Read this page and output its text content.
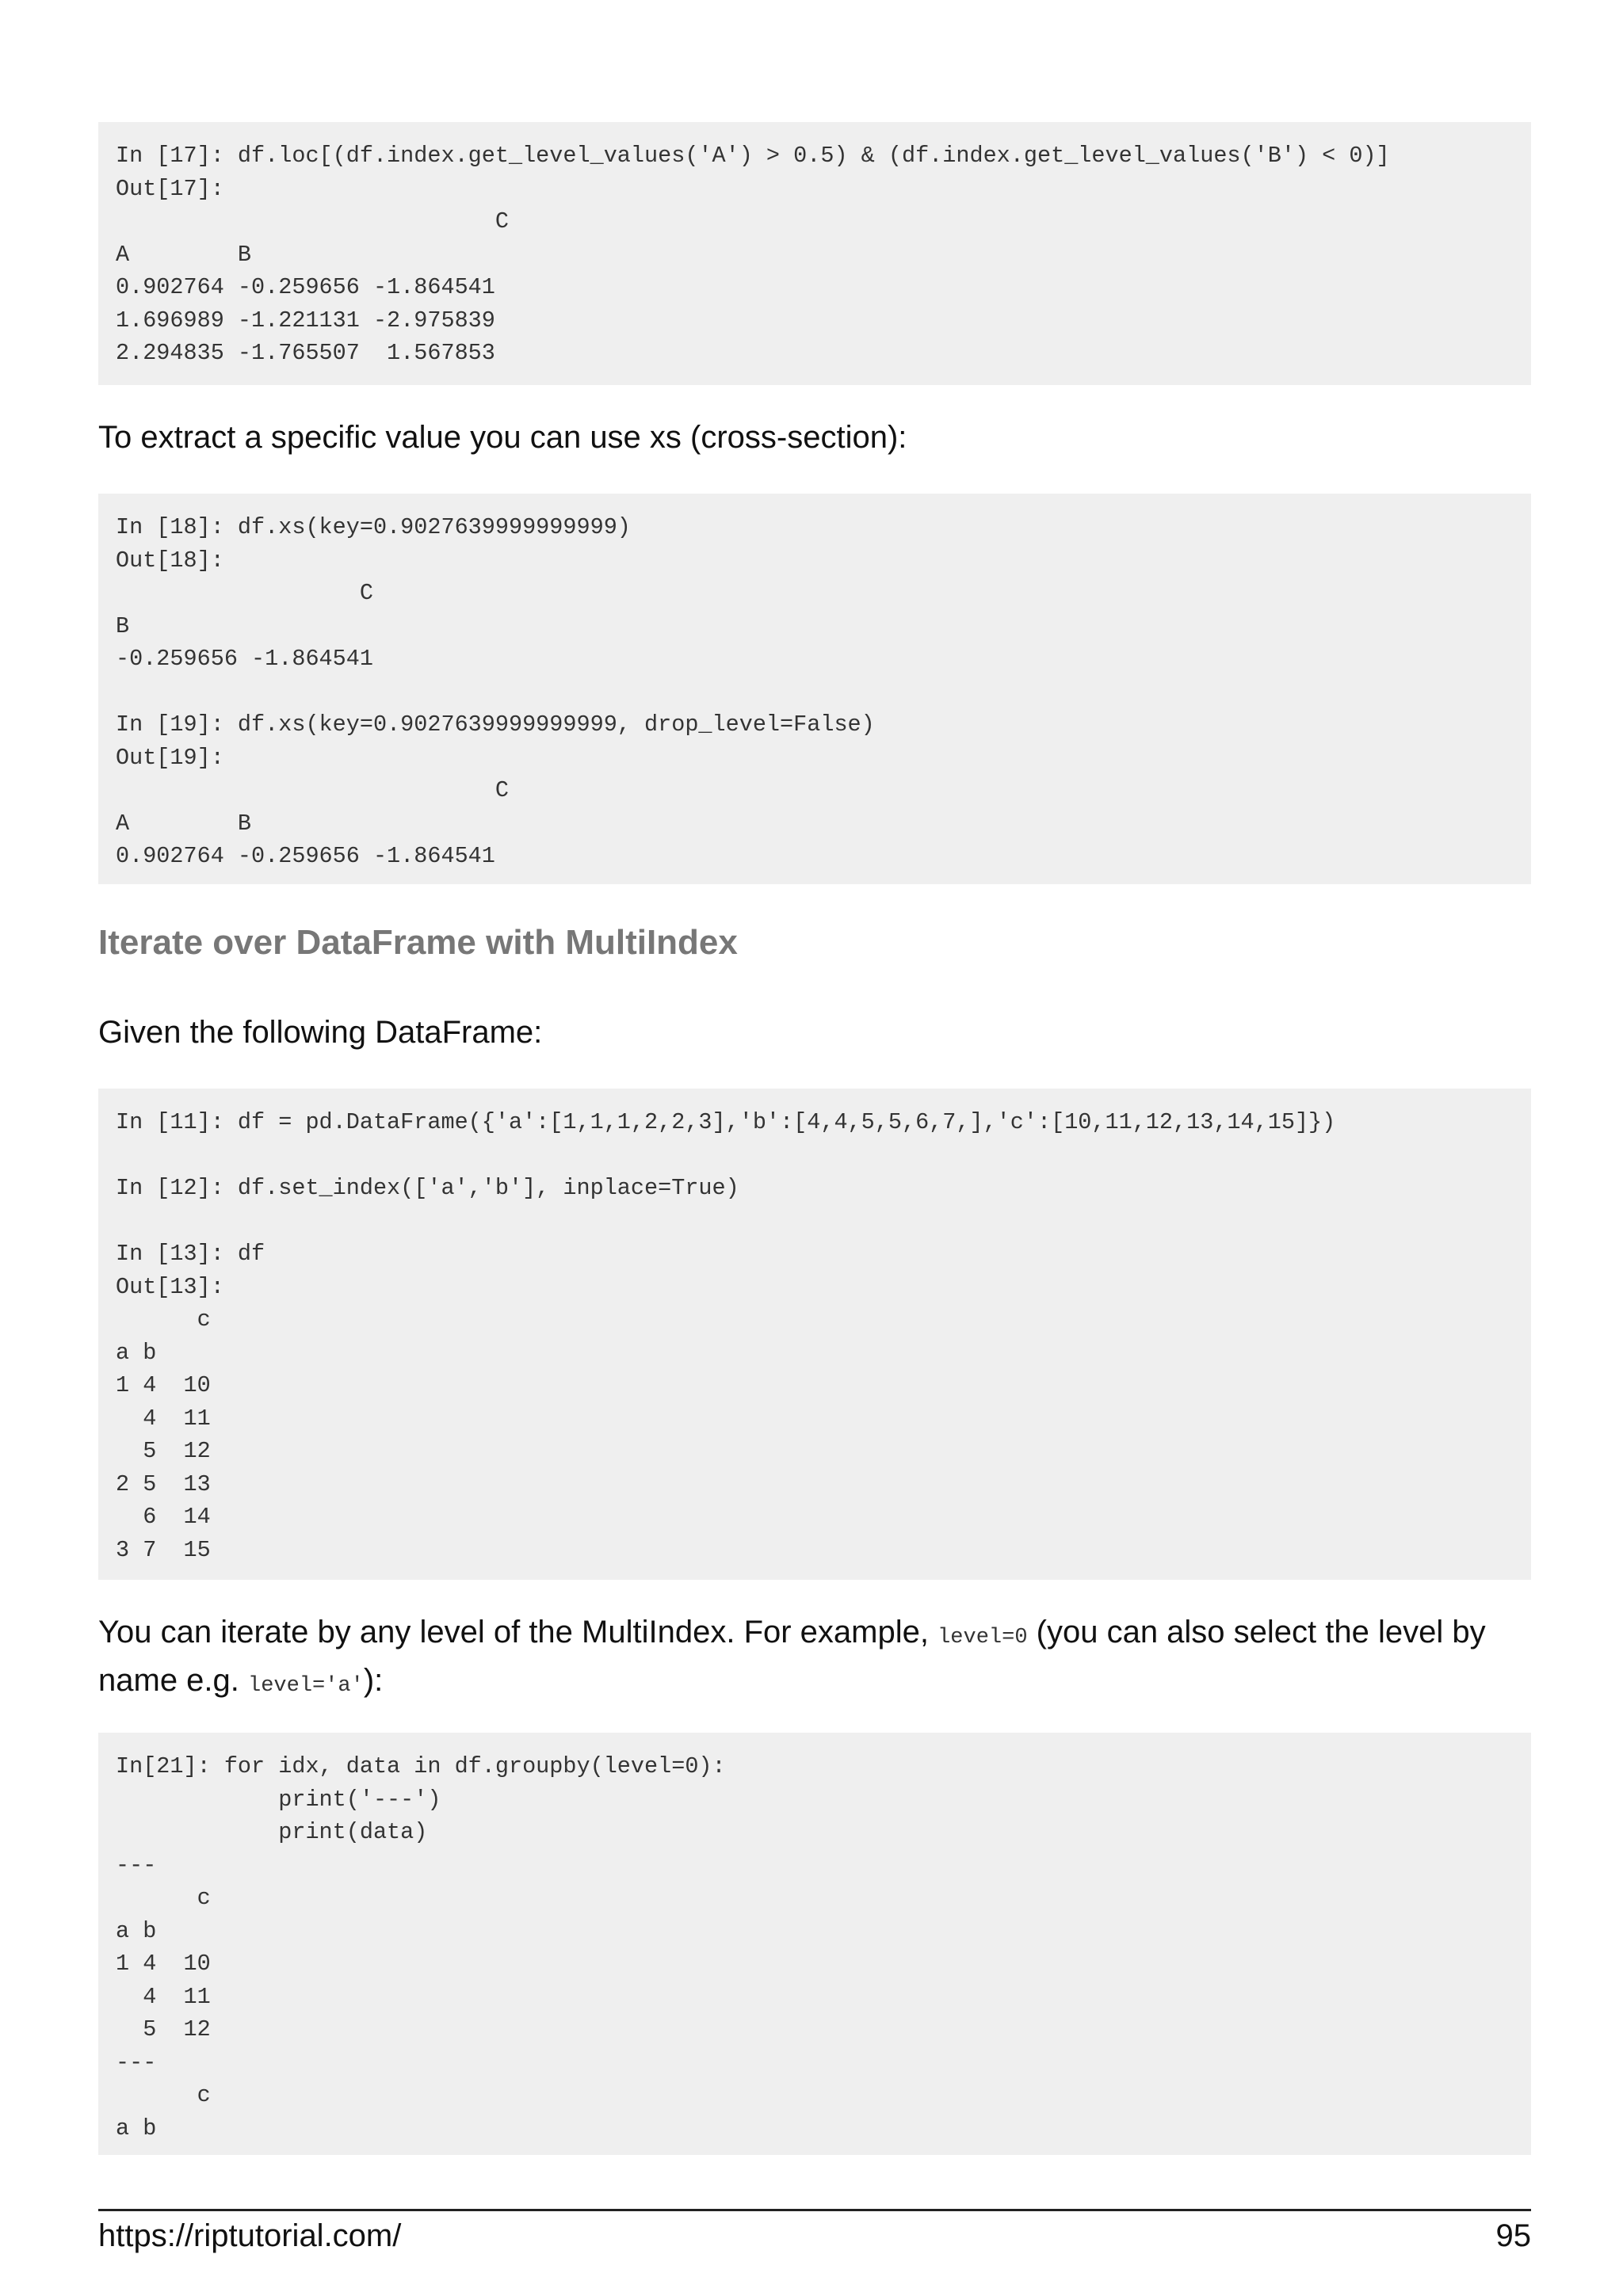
In [17]: df.loc[(df.index.get_level_values('A') > 0.5) & (df.index.get_level_values('B') < 0)]
Out[17]:
C
A        B
0.902764 -0.259656 -1.864541
1.696989 -1.221131 -2.975839
2.294835 -1.765507  1.567853

To extract a specific value you can use xs (cross-section):

In [18]: df.xs(key=0.9027639999999999)
Out[18]:
C
B
-0.259656 -1.864541

In [19]: df.xs(key=0.9027639999999999, drop_level=False)
Out[19]:
C
A        B
0.902764 -0.259656 -1.864541
Iterate over DataFrame with MultiIndex

Given the following DataFrame:

In [11]: df = pd.DataFrame({'a':[1,1,1,2,2,3],'b':[4,4,5,5,6,7,],'c':[10,11,12,13,14,15]})

In [12]: df.set_index(['a','b'], inplace=True)

In [13]: df
Out[13]:
c
a b
1 4  10
4  11
5  12
2 5  13
6  14
3 7  15

You can iterate by any level of the MultiIndex. For example, level=0 (you can also select the level by name e.g. level='a'):

In[21]: for idx, data in df.groupby(level=0):
print('---')
print(data)
---
c
a b
1 4  10
4  11
5  12
---
c
a b
https://riptutorial.com/	95
